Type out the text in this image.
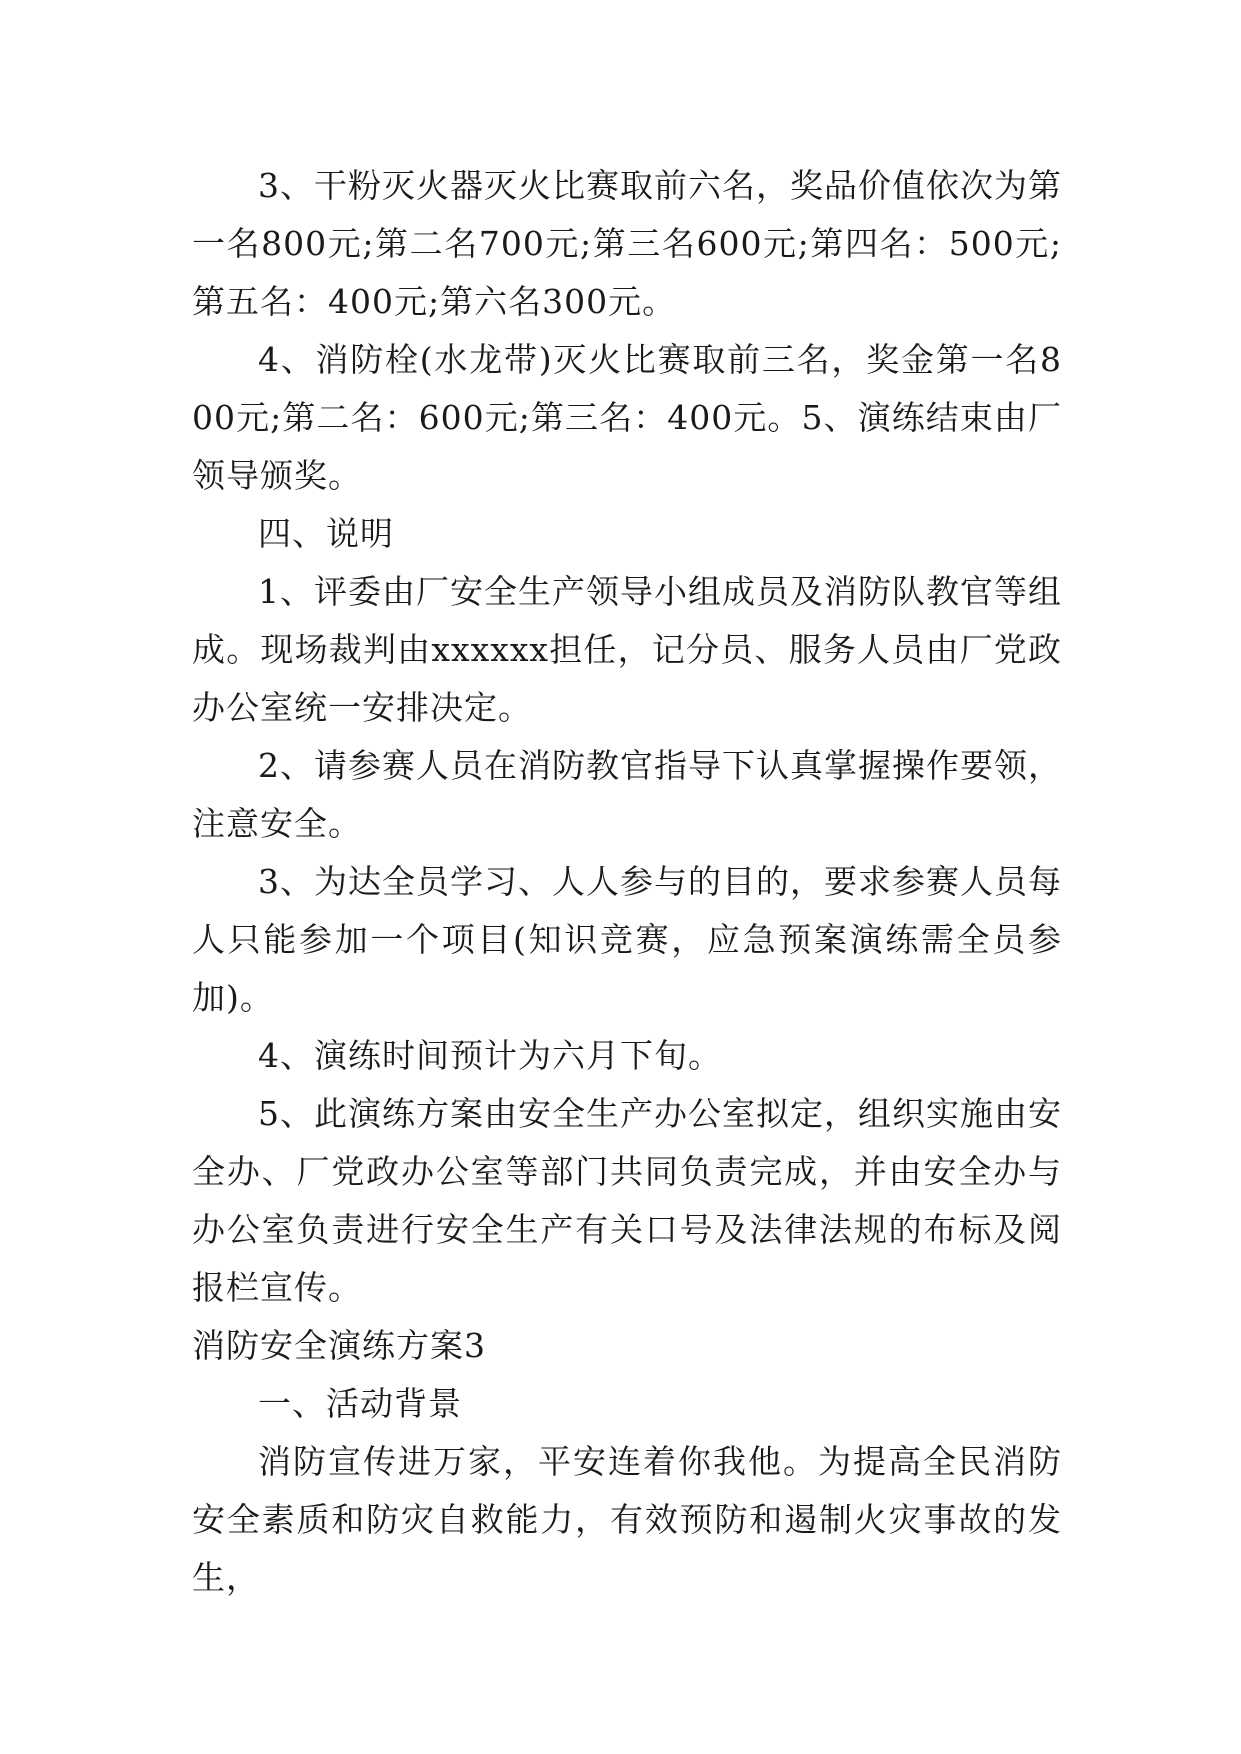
3、干粉灭火器灭火比赛取前六名，奖品价值依次为第一名800元;第二名700元;第三名600元;第四名：500元;第五名：400元;第六名300元。

4、消防栓(水龙带)灭火比赛取前三名，奖金第一名800元;第二名：600元;第三名：400元。5、演练结束由厂领导颁奖。

四、说明

1、评委由厂安全生产领导小组成员及消防队教官等组成。现场裁判由xxxxxx担任，记分员、服务人员由厂党政办公室统一安排决定。

2、请参赛人员在消防教官指导下认真掌握操作要领，注意安全。

3、为达全员学习、人人参与的目的，要求参赛人员每人只能参加一个项目(知识竞赛，应急预案演练需全员参加)。

4、演练时间预计为六月下旬。

5、此演练方案由安全生产办公室拟定，组织实施由安全办、厂党政办公室等部门共同负责完成，并由安全办与办公室负责进行安全生产有关口号及法律法规的布标及阅报栏宣传。

消防安全演练方案3

一、活动背景

消防宣传进万家，平安连着你我他。为提高全民消防安全素质和防灾自救能力，有效预防和遏制火灾事故的发生，
